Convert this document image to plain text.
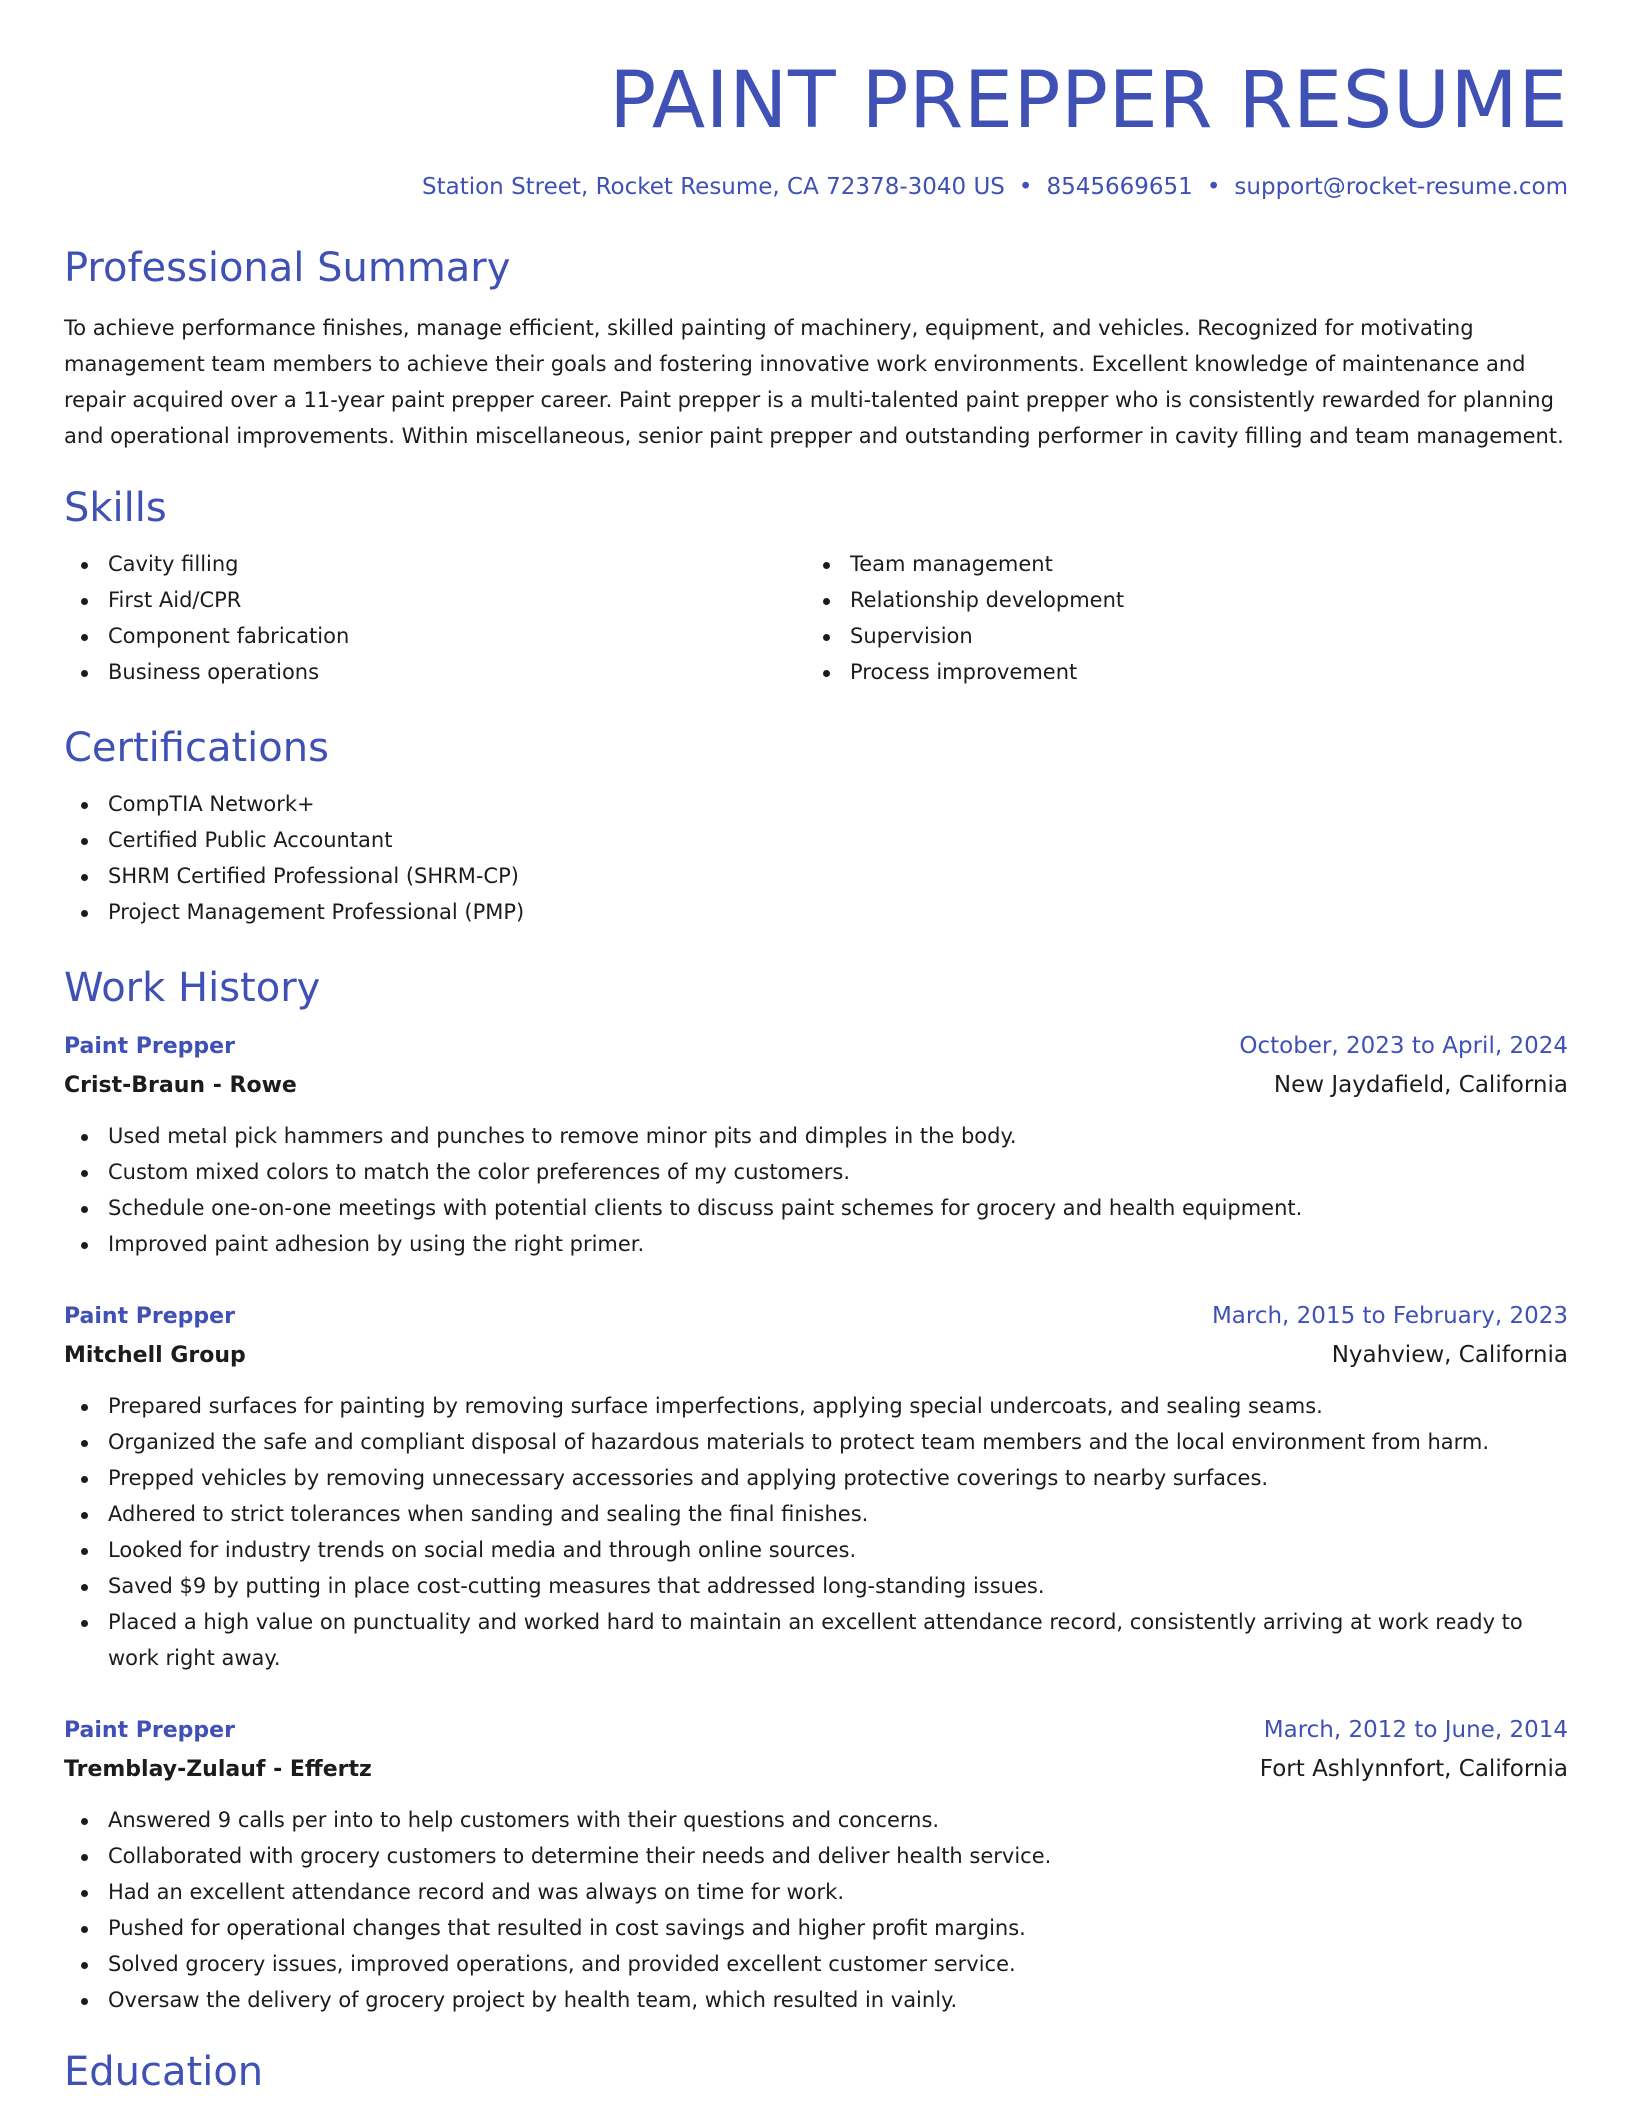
PAINT PREPPER RESUME
Station Street, Rocket Resume, CA 72378-3040 US • 8545669651 • support@rocket-resume.com
Professional Summary

To achieve performance finishes, manage efficient, skilled painting of machinery, equipment, and vehicles. Recognized for motivating management team members to achieve their goals and fostering innovative work environments. Excellent knowledge of maintenance and repair acquired over a 11-year paint prepper career. Paint prepper is a multi-talented paint prepper who is consistently rewarded for planning and operational improvements. Within miscellaneous, senior paint prepper and outstanding performer in cavity filling and team management.

Skills
Cavity filling
First Aid/CPR
Component fabrication
Business operations
Team management
Relationship development
Supervision
Process improvement
Certifications
CompTIA Network+
Certified Public Accountant
SHRM Certified Professional (SHRM-CP)
Project Management Professional (PMP)
Work History
Paint Prepper	October, 2023 to April, 2024
Crist-Braun - Rowe	New Jaydafield, California
Used metal pick hammers and punches to remove minor pits and dimples in the body.
Custom mixed colors to match the color preferences of my customers.
Schedule one-on-one meetings with potential clients to discuss paint schemes for grocery and health equipment.
Improved paint adhesion by using the right primer.
Paint Prepper	March, 2015 to February, 2023
Mitchell Group	Nyahview, California
Prepared surfaces for painting by removing surface imperfections, applying special undercoats, and sealing seams.
Organized the safe and compliant disposal of hazardous materials to protect team members and the local environment from harm.
Prepped vehicles by removing unnecessary accessories and applying protective coverings to nearby surfaces.
Adhered to strict tolerances when sanding and sealing the final finishes.
Looked for industry trends on social media and through online sources.
Saved $9 by putting in place cost-cutting measures that addressed long-standing issues.
Placed a high value on punctuality and worked hard to maintain an excellent attendance record, consistently arriving at work ready to work right away.
Paint Prepper	March, 2012 to June, 2014
Tremblay-Zulauf - Effertz	Fort Ashlynnfort, California
Answered 9 calls per into to help customers with their questions and concerns.
Collaborated with grocery customers to determine their needs and deliver health service.
Had an excellent attendance record and was always on time for work.
Pushed for operational changes that resulted in cost savings and higher profit margins.
Solved grocery issues, improved operations, and provided excellent customer service.
Oversaw the delivery of grocery project by health team, which resulted in vainly.
Education
